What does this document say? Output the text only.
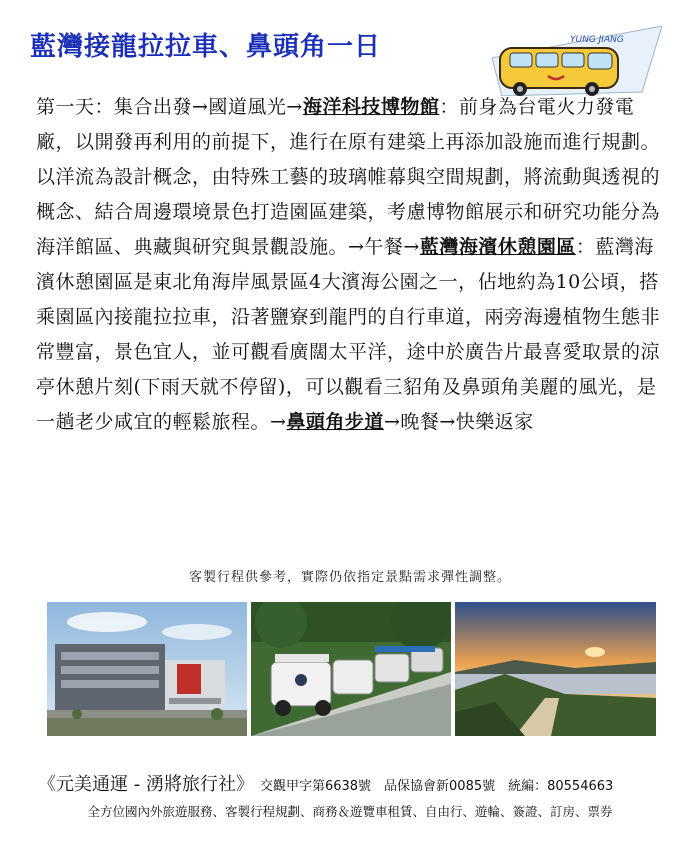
藍灣接龍拉拉車、鼻頭角一日	YUNG JIANG

第一天：集合出發→國道風光→海洋科技博物館：前身為台電火力發電廠，以開發再利用的前提下，進行在原有建築上再添加設施而進行規劃。以洋流為設計概念，由特殊工藝的玻璃帷幕與空間規劃，將流動與透視的概念、結合周邊環境景色打造園區建築，考慮博物館展示和研究功能分為海洋館區、典藏與研究與景觀設施。→午餐→藍灣海濱休憩園區：藍灣海濱休憩園區是東北角海岸風景區4大濱海公園之一，佔地約為10公頃，搭乘園區內接龍拉拉車，沿著鹽寮到龍門的自行車道，兩旁海邊植物生態非常豐富，景色宜人，並可觀看廣闊太平洋，途中於廣告片最喜愛取景的涼亭休憩片刻(下雨天就不停留)，可以觀看三貂角及鼻頭角美麗的風光，是一趟老少咸宜的輕鬆旅程。→鼻頭角步道→晚餐→快樂返家

客製行程供參考，實際仍依指定景點需求彈性調整。
《元美通運 - 湧將旅行社》 交觀甲字第6638號　品保協會新0085號　統編：80554663
全方位國內外旅遊服務、客製行程規劃、商務＆遊覽車租賃、自由行、遊輪、簽證、訂房、票券
